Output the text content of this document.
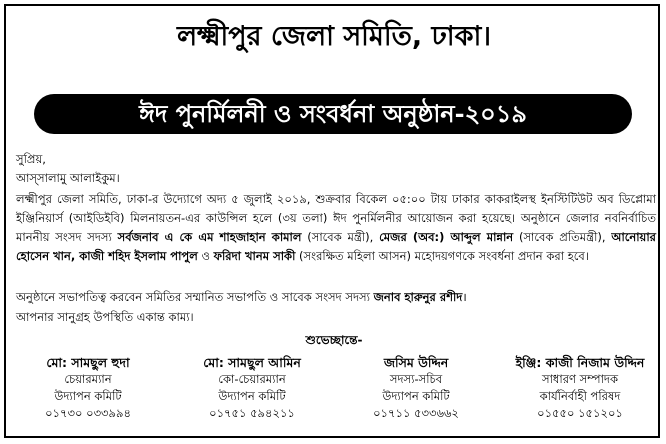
লক্ষ্মীপুর জেলা সমিতি, ঢাকা।
ঈদ পুনর্মিলনী ও সংবর্ধনা অনুষ্ঠান-২০১৯
সুপ্রিয়,
আস্সালামু আলাইকুম।
লক্ষ্মীপুর জেলা সমিতি, ঢাকা-র উদ্যোগে অদ্য ৫ জুলাই ২০১৯, শুক্রবার বিকেল ০৫:০০ টায় ঢাকার কাকরাইলস্থ ইনস্টিটিউট অব ডিপ্লোমা ইঞ্জিনিয়ার্স (আইডিইবি) মিলনায়তন-এর কাউন্সিল হলে (৩য় তলা) ঈদ পুনর্মিলনীর আয়োজন করা হয়েছে। অনুষ্ঠানে জেলার নবনির্বাচিত মাননীয় সংসদ সদস্য সর্বজনাব এ কে এম শাহজাহান কামাল (সাবেক মন্ত্রী), মেজর (অব:) আব্দুল মান্নান (সাবেক প্রতিমন্ত্রী), আনোয়ার হোসেন খান, কাজী শহিদ ইসলাম পাপুল ও ফরিদা খানম সাকী (সংরক্ষিত মহিলা আসন) মহোদয়গণকে সংবর্ধনা প্রদান করা হবে।
অনুষ্ঠানে সভাপতিত্ব করবেন সমিতির সম্মানিত সভাপতি ও সাবেক সংসদ সদস্য জনাব হারুনুর রশীদ।
আপনার সানুগ্রহ উপস্থিতি একান্ত কাম্য।
শুভেচ্ছান্তে-
মো: সামছুল হুদা
চেয়ারম্যান
উদ্যাপন কমিটি
০১৭৩০ ০৩৩৯৯৪
মো: সামছুল আমিন
কো-চেয়ারম্যান
উদ্যাপন কমিটি
০১৭৫১ ৫৯৪২১১
জসিম উদ্দিন
সদস্য-সচিব
উদ্যাপন কমিটি
০১৭১১ ৫৩৩৬৬২
ইঞ্জি: কাজী নিজাম উদ্দিন
সাধারণ সম্পাদক
কার্যনির্বাহী পরিষদ
০১৫৫০ ১৫১২০১
